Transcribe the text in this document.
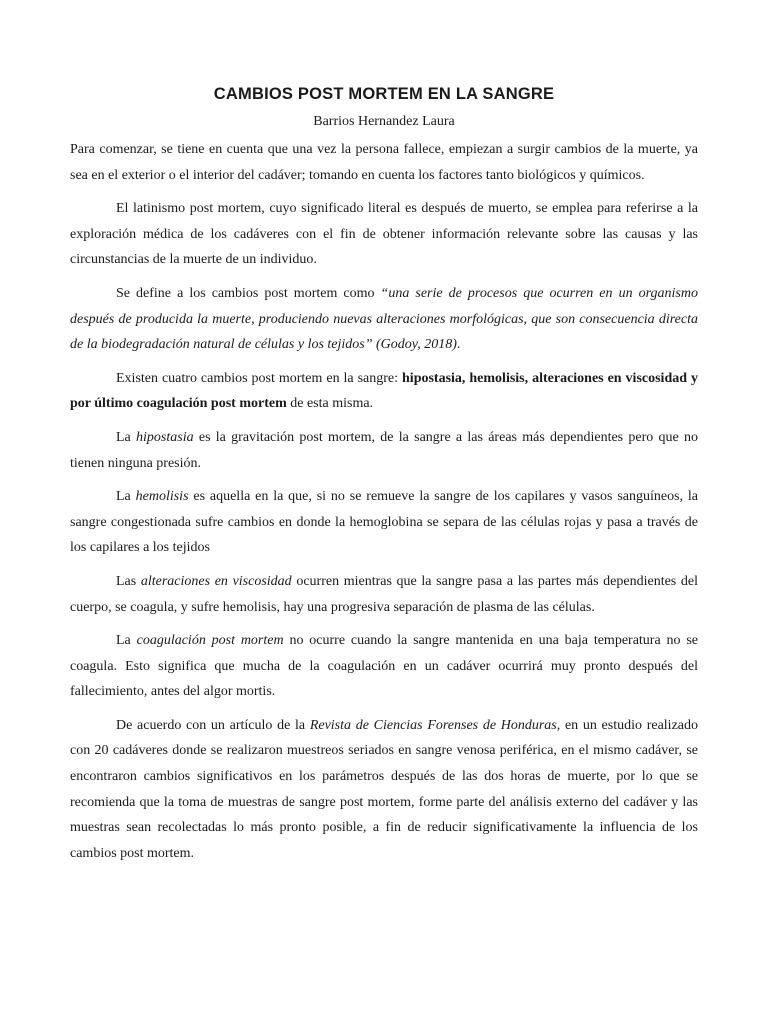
CAMBIOS POST MORTEM EN LA SANGRE
Barrios Hernandez Laura

Para comenzar, se tiene en cuenta que una vez la persona fallece, empiezan a surgir cambios de la muerte, ya sea en el exterior o el interior del cadáver; tomando en cuenta los factores tanto biológicos y químicos.

El latinismo post mortem, cuyo significado literal es después de muerto, se emplea para referirse a la exploración médica de los cadáveres con el fin de obtener información relevante sobre las causas y las circunstancias de la muerte de un individuo.

Se define a los cambios post mortem como “una serie de procesos que ocurren en un organismo después de producida la muerte, produciendo nuevas alteraciones morfológicas, que son consecuencia directa de la biodegradación natural de células y los tejidos” (Godoy, 2018).

Existen cuatro cambios post mortem en la sangre: hipostasia, hemolisis, alteraciones en viscosidad y por último coagulación post mortem de esta misma.

La hipostasia es la gravitación post mortem, de la sangre a las áreas más dependientes pero que no tienen ninguna presión.

La hemolisis es aquella en la que, si no se remueve la sangre de los capilares y vasos sanguíneos, la sangre congestionada sufre cambios en donde la hemoglobina se separa de las células rojas y pasa a través de los capilares a los tejidos

Las alteraciones en viscosidad ocurren mientras que la sangre pasa a las partes más dependientes del cuerpo, se coagula, y sufre hemolisis, hay una progresiva separación de plasma de las células.

La coagulación post mortem no ocurre cuando la sangre mantenida en una baja temperatura no se coagula. Esto significa que mucha de la coagulación en un cadáver ocurrirá muy pronto después del fallecimiento, antes del algor mortis.

De acuerdo con un artículo de la Revista de Ciencias Forenses de Honduras, en un estudio realizado con 20 cadáveres donde se realizaron muestreos seriados en sangre venosa periférica, en el mismo cadáver, se encontraron cambios significativos en los parámetros después de las dos horas de muerte, por lo que se recomienda que la toma de muestras de sangre post mortem, forme parte del análisis externo del cadáver y las muestras sean recolectadas lo más pronto posible, a fin de reducir significativamente la influencia de los cambios post mortem.
